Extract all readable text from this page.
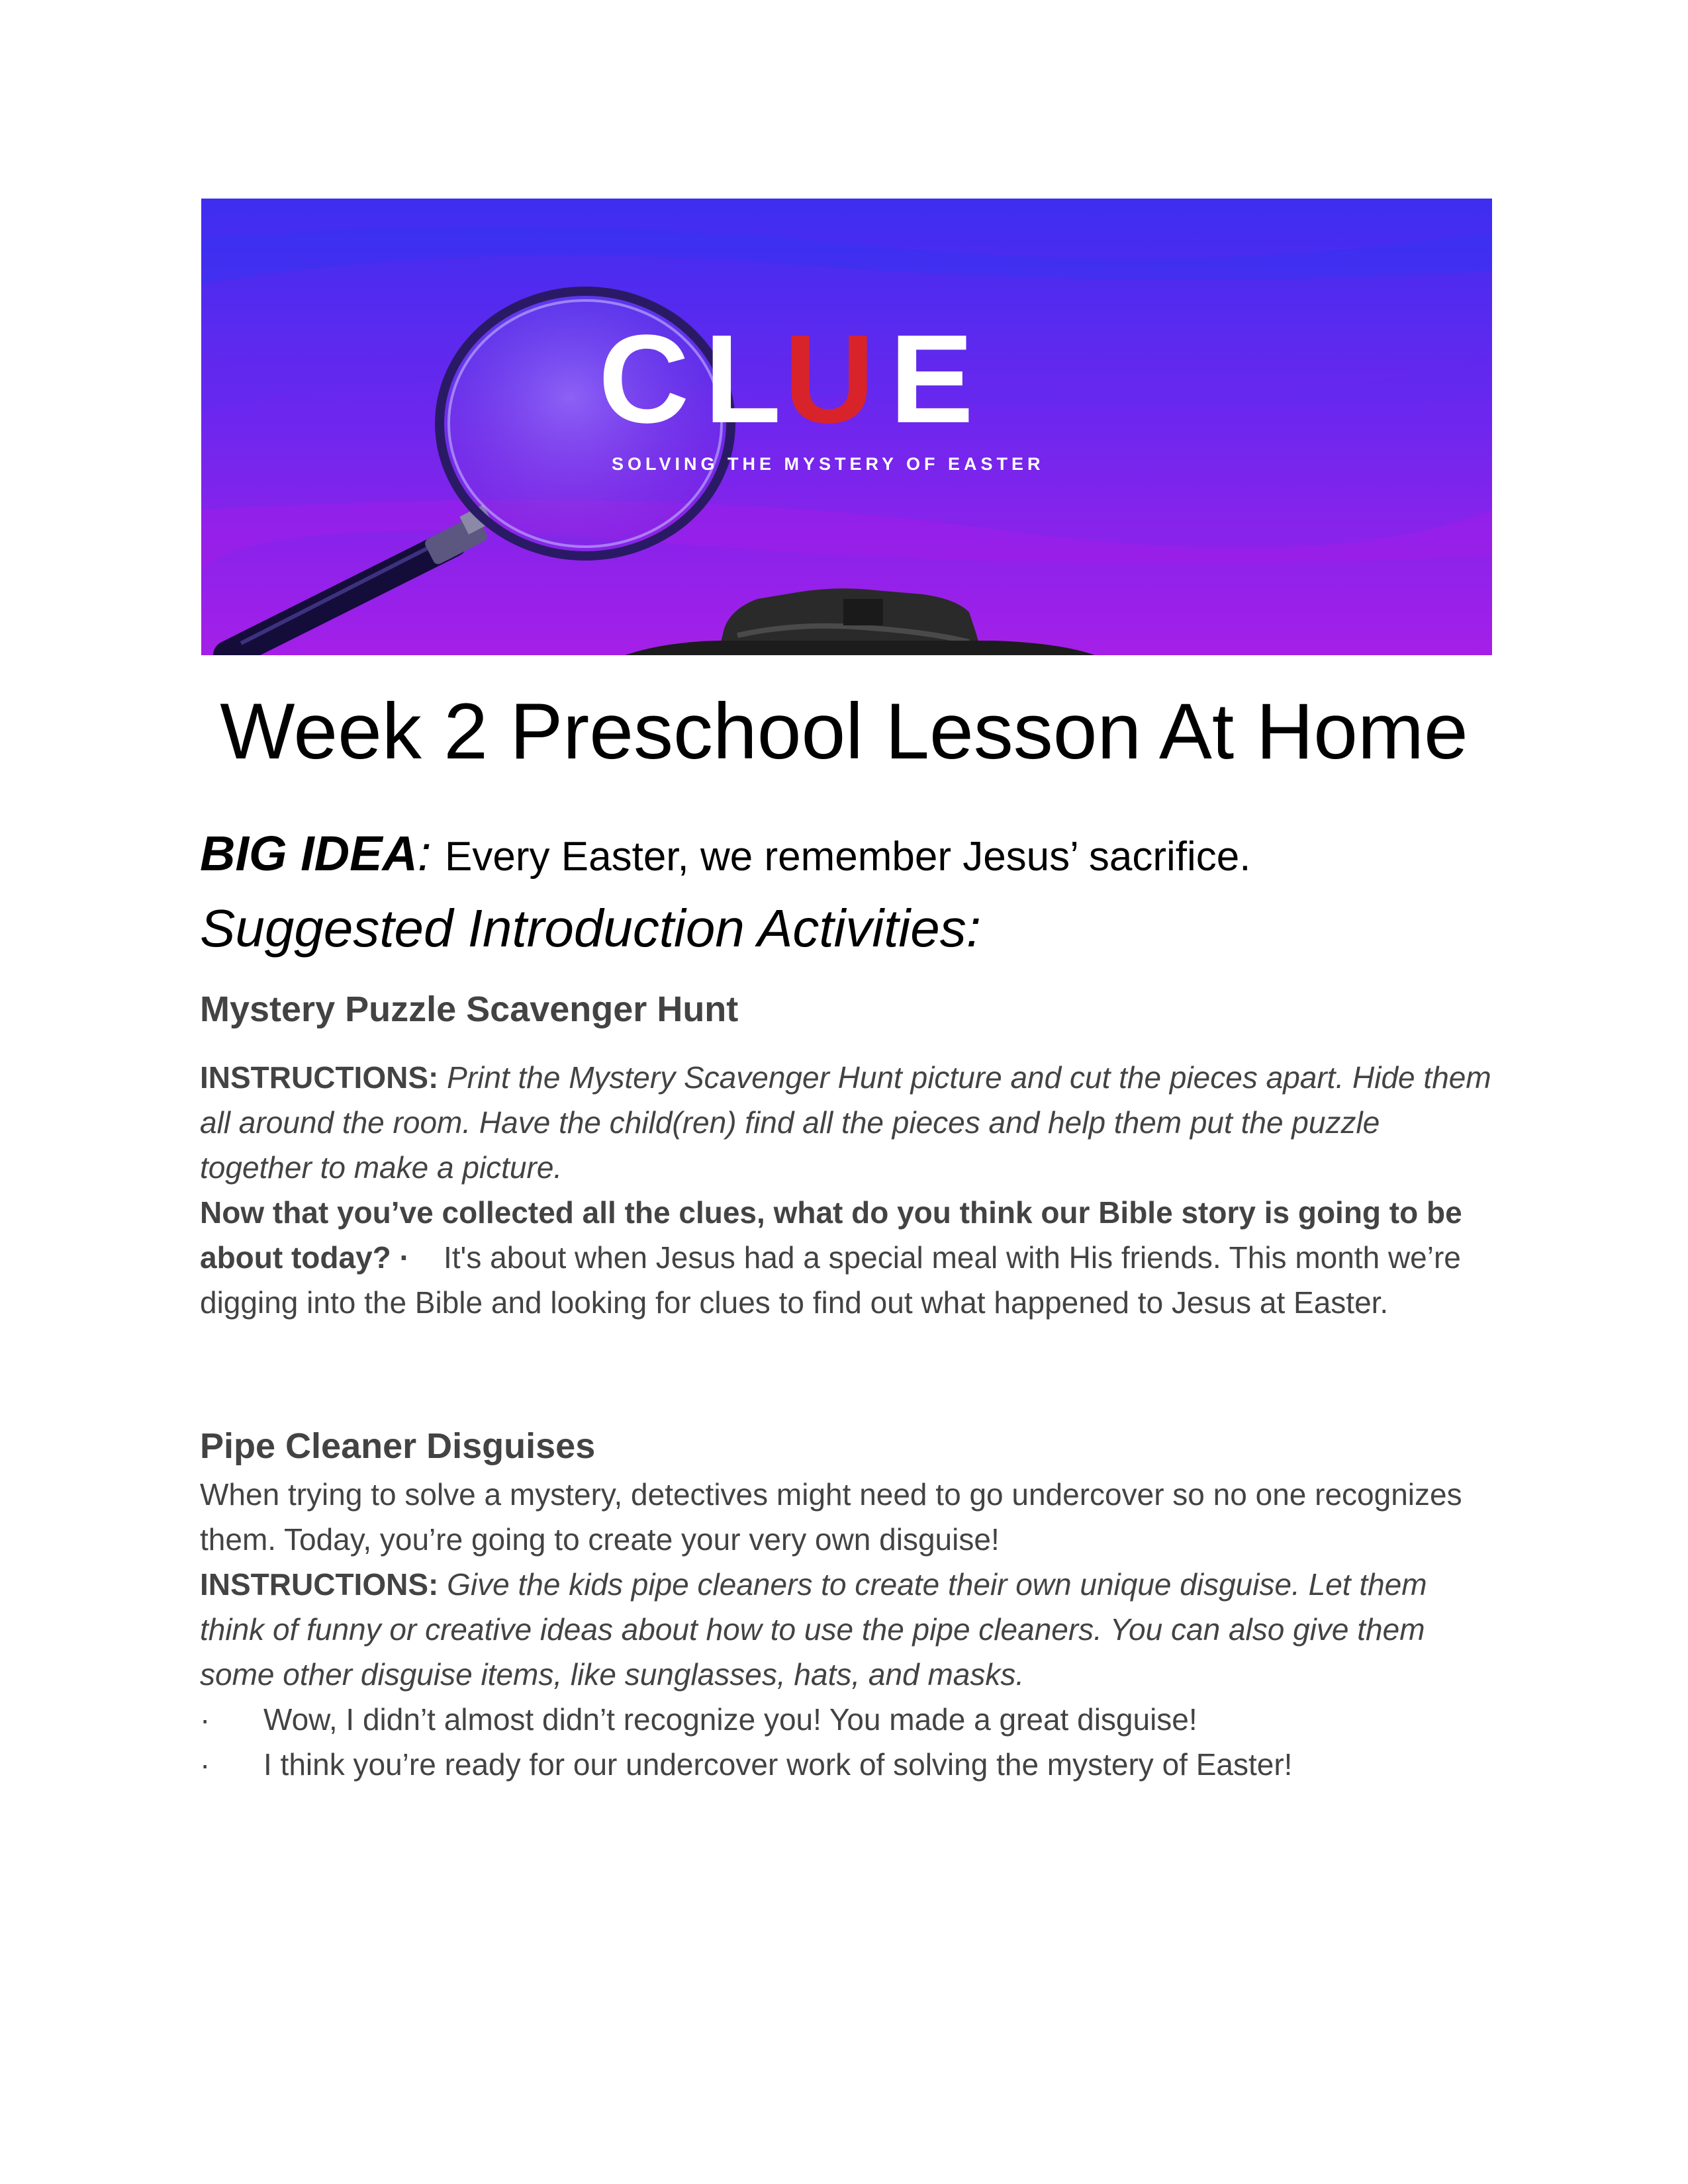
C L U E
SOLVING THE MYSTERY OF EASTER
Week 2 Preschool Lesson At Home
BIG IDEA: Every Easter, we remember Jesus’ sacrifice.
Suggested Introduction Activities:
Mystery Puzzle Scavenger Hunt

INSTRUCTIONS: Print the Mystery Scavenger Hunt picture and cut the pieces apart. Hide them all around the room. Have the child(ren) find all the pieces and help them put the puzzle together to make a picture.

Now that you’ve collected all the clues, what do you think our Bible story is going to be about today? · It's about when Jesus had a special meal with His friends. This month we’re digging into the Bible and looking for clues to find out what happened to Jesus at Easter.

Pipe Cleaner Disguises

When trying to solve a mystery, detectives might need to go undercover so no one recognizes them. Today, you’re going to create your very own disguise!

INSTRUCTIONS: Give the kids pipe cleaners to create their own unique disguise. Let them think of funny or creative ideas about how to use the pipe cleaners. You can also give them some other disguise items, like sunglasses, hats, and masks.

· Wow, I didn’t almost didn’t recognize you! You made a great disguise!
· I think you’re ready for our undercover work of solving the mystery of Easter!
